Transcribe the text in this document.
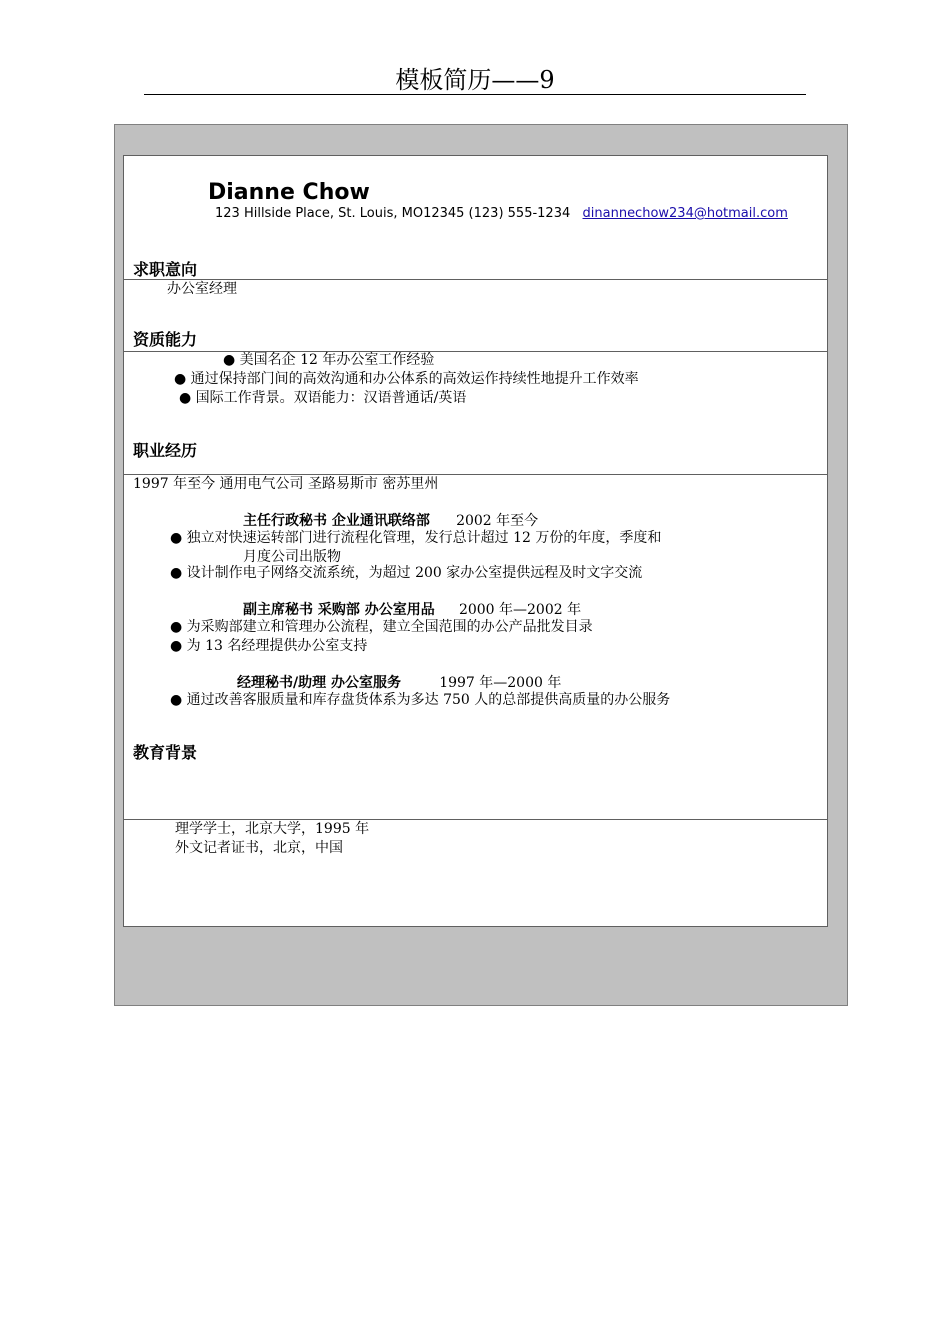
模板简历——9
Dianne Chow
123 Hillside Place, St. Louis, MO12345 (123) 555-1234 dinannechow234@hotmail.com
求职意向
办公室经理
资质能力
● 美国名企 12 年办公室工作经验
● 通过保持部门间的高效沟通和办公体系的高效运作持续性地提升工作效率
● 国际工作背景。双语能力：汉语普通话/英语
职业经历
1997 年至今 通用电气公司 圣路易斯市 密苏里州
主任行政秘书 企业通讯联络部 2002 年至今
● 独立对快速运转部门进行流程化管理，发行总计超过 12 万份的年度，季度和
月度公司出版物
● 设计制作电子网络交流系统，为超过 200 家办公室提供远程及时文字交流
副主席秘书 采购部 办公室用品 2000 年—2002 年
● 为采购部建立和管理办公流程，建立全国范围的办公产品批发目录
● 为 13 名经理提供办公室支持
经理秘书/助理 办公室服务	1997 年—2000 年
● 通过改善客服质量和库存盘货体系为多达 750 人的总部提供高质量的办公服务
教育背景
理学学士，北京大学，1995 年
外文记者证书，北京，中国
